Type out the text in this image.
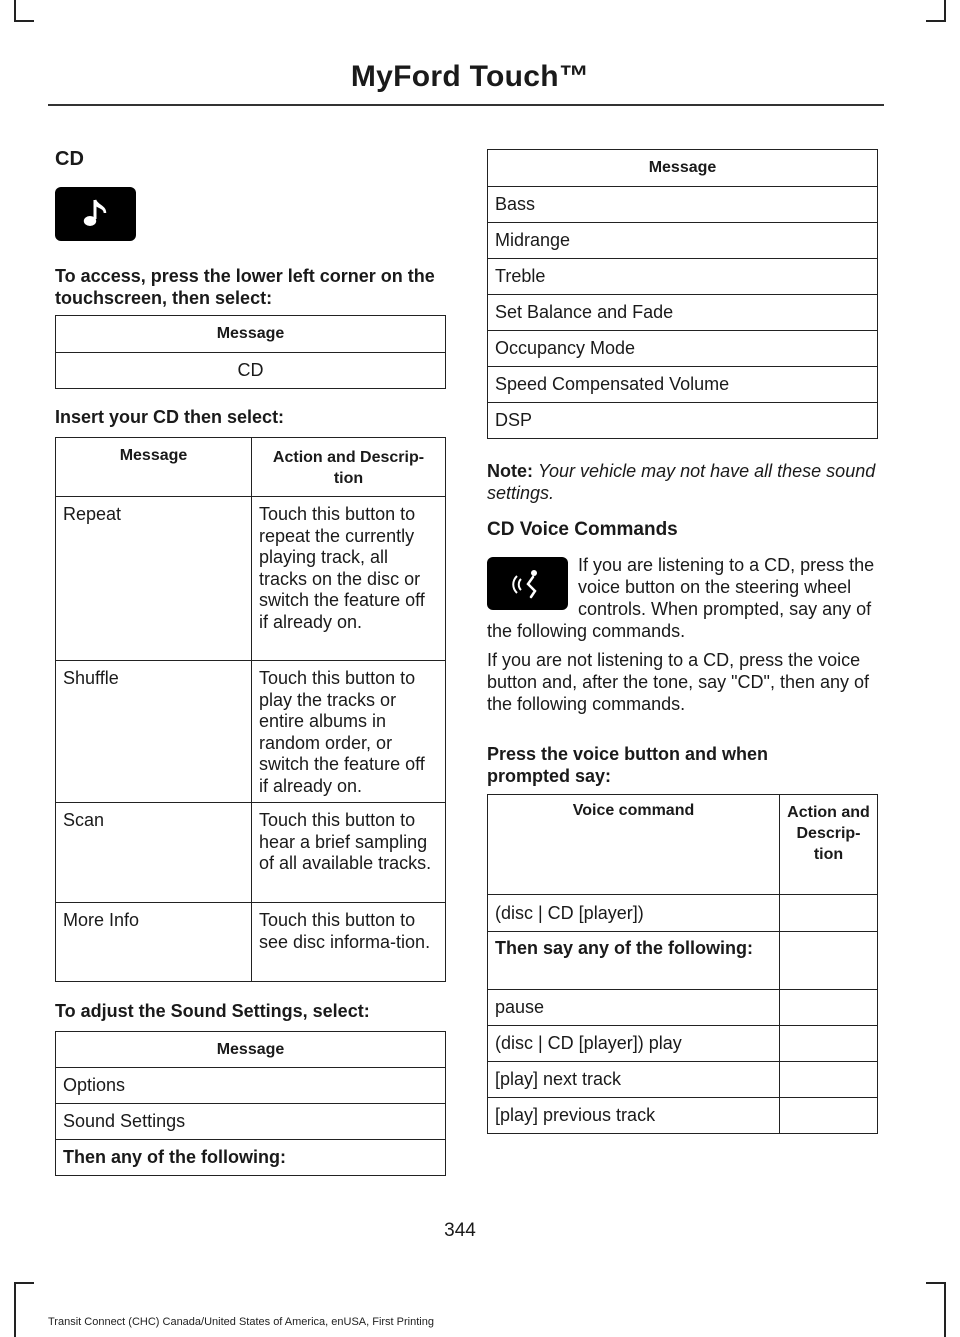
MyFord Touch™
CD
To access, press the lower left corner on the touchscreen, then select:
Message
CD
Insert your CD then select:
Message	Action and Descrip-tion
Repeat	Touch this button to repeat the currently playing track, all tracks on the disc or switch the feature off if already on.
Shuffle	Touch this button to play the tracks or entire albums in random order, or switch the feature off if already on.
Scan	Touch this button to hear a brief sampling of all available tracks.
More Info	Touch this button to see disc informa-tion.
To adjust the Sound Settings, select:
Message
Options
Sound Settings
Then any of the following:
Message
Bass
Midrange
Treble
Set Balance and Fade
Occupancy Mode
Speed Compensated Volume
DSP
Note: Your vehicle may not have all these sound settings.
CD Voice Commands
If you are listening to a CD, press the voice button on the steering wheel controls. When prompted, say any of the following commands.
If you are not listening to a CD, press the voice button and, after the tone, say "CD", then any of the following commands.
Press the voice button and when prompted say:
Voice command	Action and Descrip-tion
(disc | CD [player])	
Then say any of the following:	
pause	
(disc | CD [player]) play	
[play] next track	
[play] previous track	
344
Transit Connect (CHC) Canada/United States of America, enUSA, First Printing
